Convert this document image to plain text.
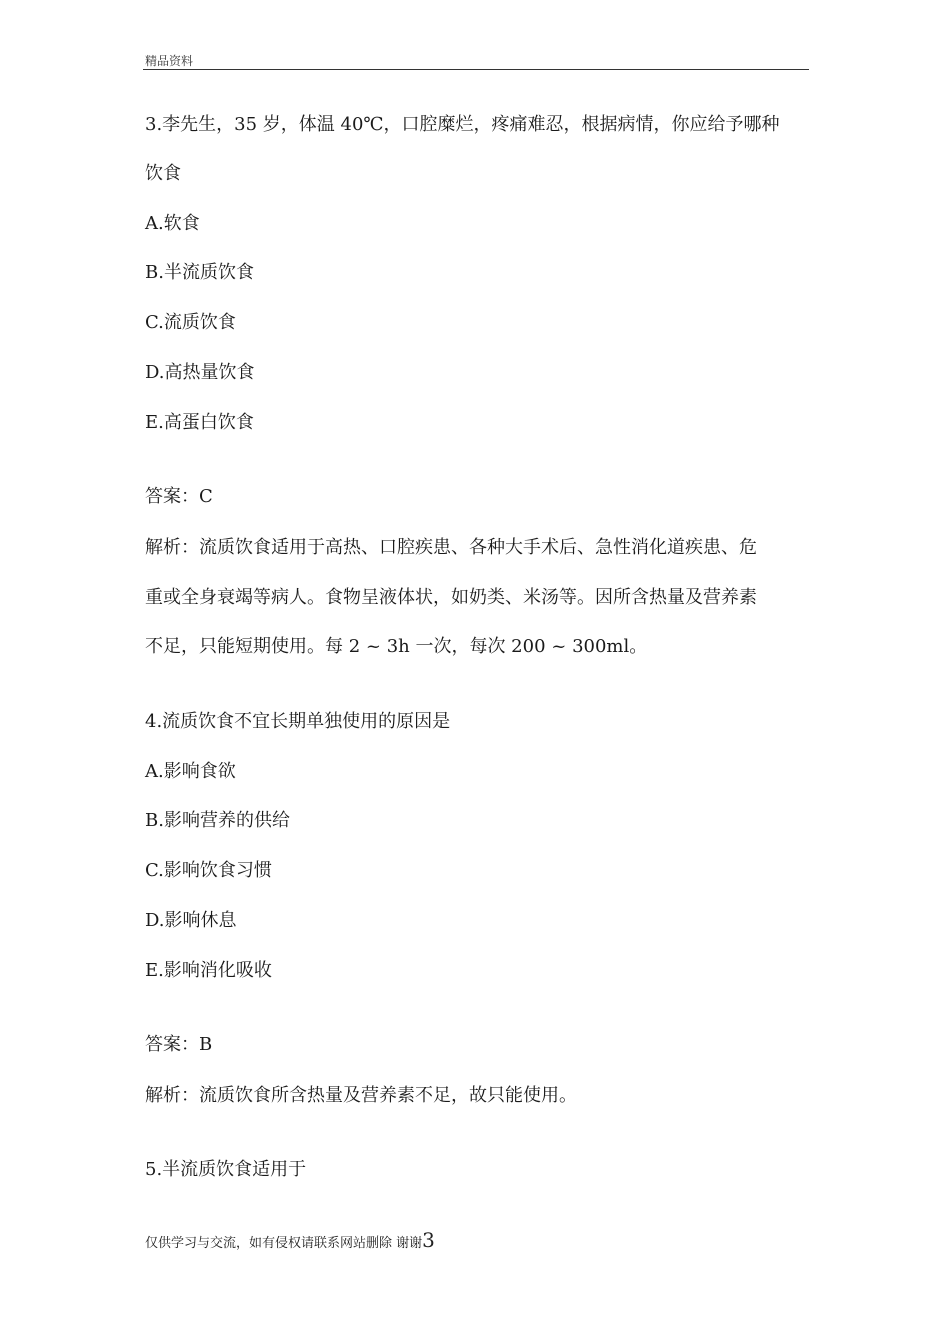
精品资料
3.李先生，35 岁，体温 40℃，口腔糜烂，疼痛难忍，根据病情，你应给予哪种
饮食
A.软食
B.半流质饮食
C.流质饮食
D.高热量饮食
E.高蛋白饮食
答案：C
解析：流质饮食适用于高热、口腔疾患、各种大手术后、急性消化道疾患、危
重或全身衰竭等病人。食物呈液体状，如奶类、米汤等。因所含热量及营养素
不足，只能短期使用。每 2 ~ 3h 一次，每次 200 ~ 300ml。
4.流质饮食不宜长期单独使用的原因是
A.影响食欲
B.影响营养的供给
C.影响饮食习惯
D.影响休息
E.影响消化吸收
答案：B
解析：流质饮食所含热量及营养素不足，故只能使用。
5.半流质饮食适用于
仅供学习与交流，如有侵权请联系网站删除 谢谢3
